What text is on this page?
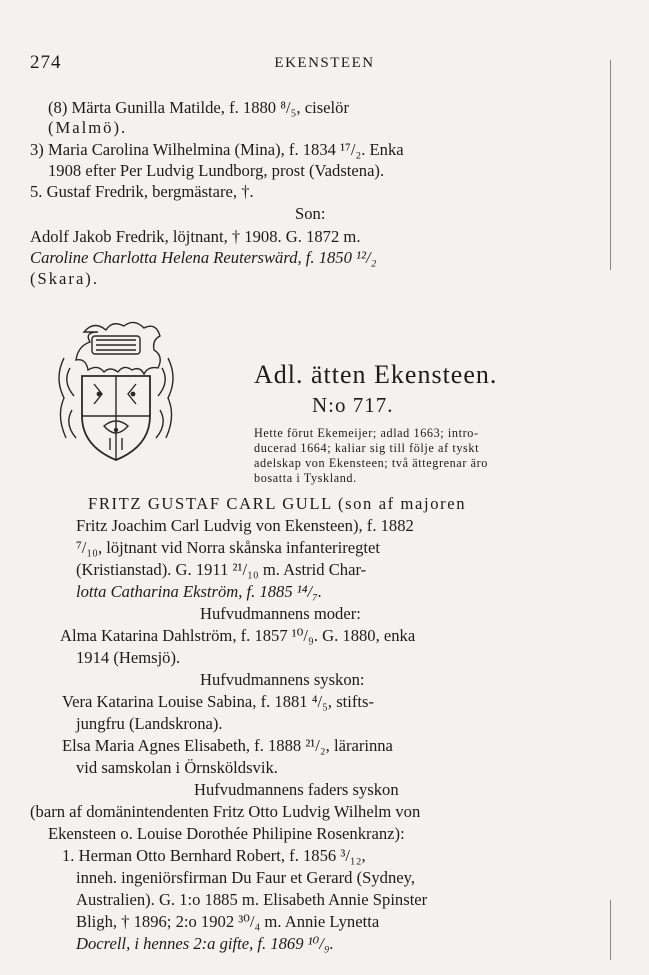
274	EKENSTEEN
(8) Märta Gunilla Matilde, f. 1880 ⁸/₅, ciselör
(Malmö).
3) Maria Carolina Wilhelmina (Mina), f. 1834 ¹⁷/₂. Enka
1908 efter Per Ludvig Lundborg, prost (Vadstena).
5. Gustaf Fredrik, bergmästare, †.
Son:
Adolf Jakob Fredrik, löjtnant, † 1908. G. 1872 m.
Caroline Charlotta Helena Reuterswärd, f. 1850 ¹²/₂
(Skara).
Adl. ätten Ekensteen.
N:o 717.
Hette förut Ekemeijer; adlad 1663; intro-
ducerad 1664; kaliar sig till följe af tyskt
adelskap von Ekensteen; två ättegrenar äro
bosatta i Tyskland.
FRITZ GUSTAF CARL GULL (son af majoren
Fritz Joachim Carl Ludvig von Ekensteen), f. 1882
⁷/₁₀, löjtnant vid Norra skånska infanteriregtet
(Kristianstad). G. 1911 ²¹/₁₀ m. Astrid Char-
lotta Catharina Ekström, f. 1885 ¹⁴/₇.
Hufvudmannens moder:
Alma Katarina Dahlström, f. 1857 ¹⁰/₉. G. 1880, enka
1914 (Hemsjö).
Hufvudmannens syskon:
Vera Katarina Louise Sabina, f. 1881 ⁴/₅, stifts-
jungfru (Landskrona).
Elsa Maria Agnes Elisabeth, f. 1888 ²¹/₂, lärarinna
vid samskolan i Örnsköldsvik.
Hufvudmannens faders syskon
(barn af domänintendenten Fritz Otto Ludvig Wilhelm von
Ekensteen o. Louise Dorothée Philipine Rosenkranz):
1. Herman Otto Bernhard Robert, f. 1856 ³/₁₂,
inneh. ingeniörsfirman Du Faur et Gerard (Sydney,
Australien). G. 1:o 1885 m. Elisabeth Annie Spinster
Bligh, † 1896; 2:o 1902 ³⁰/₄ m. Annie Lynetta
Docrell, i hennes 2:a gifte, f. 1869 ¹⁰/₉.
